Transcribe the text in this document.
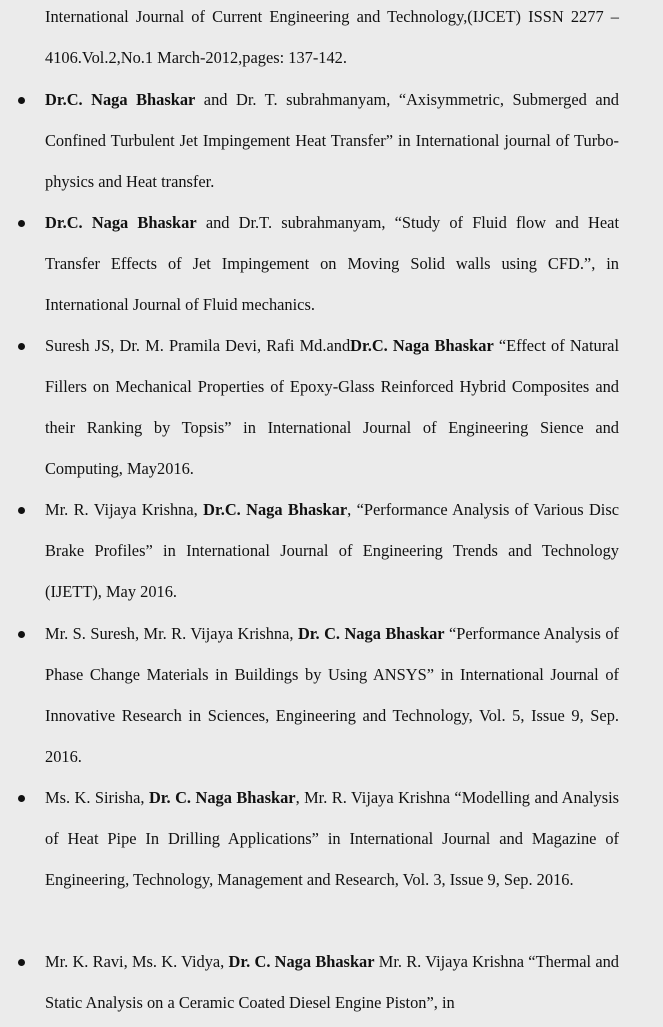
International Journal of Current Engineering and Technology,(IJCET) ISSN 2277 – 4106.Vol.2,No.1 March-2012,pages: 137-142.

Dr.C. Naga Bhaskar and Dr. T. subrahmanyam, “Axisymmetric, Submerged and Confined Turbulent Jet Impingement Heat Transfer” in International journal of Turbo-physics and Heat transfer.

Dr.C. Naga Bhaskar and Dr.T. subrahmanyam, “Study of Fluid flow and Heat Transfer Effects of Jet Impingement on Moving Solid walls using CFD.”, in International Journal of Fluid mechanics.

Suresh JS, Dr. M. Pramila Devi, Rafi Md.andDr.C. Naga Bhaskar “Effect of Natural Fillers on Mechanical Properties of Epoxy-Glass Reinforced Hybrid Composites and their Ranking by Topsis” in International Journal of Engineering Sience and Computing, May2016.

Mr. R. Vijaya Krishna, Dr.C. Naga Bhaskar, “Performance Analysis of Various Disc Brake Profiles” in International Journal of Engineering Trends and Technology (IJETT), May 2016.

Mr. S. Suresh, Mr. R. Vijaya Krishna, Dr. C. Naga Bhaskar “Performance Analysis of Phase Change Materials in Buildings by Using ANSYS” in International Journal of Innovative Research in Sciences, Engineering and Technology, Vol. 5, Issue 9, Sep. 2016.

Ms. K. Sirisha, Dr. C. Naga Bhaskar, Mr. R. Vijaya Krishna “Modelling and Analysis of Heat Pipe In Drilling Applications” in International Journal and Magazine of Engineering, Technology, Management and Research, Vol. 3, Issue 9, Sep. 2016.

Mr. K. Ravi, Ms. K. Vidya, Dr. C. Naga Bhaskar Mr. R. Vijaya Krishna “Thermal and Static Analysis on a Ceramic Coated Diesel Engine Piston”, in
